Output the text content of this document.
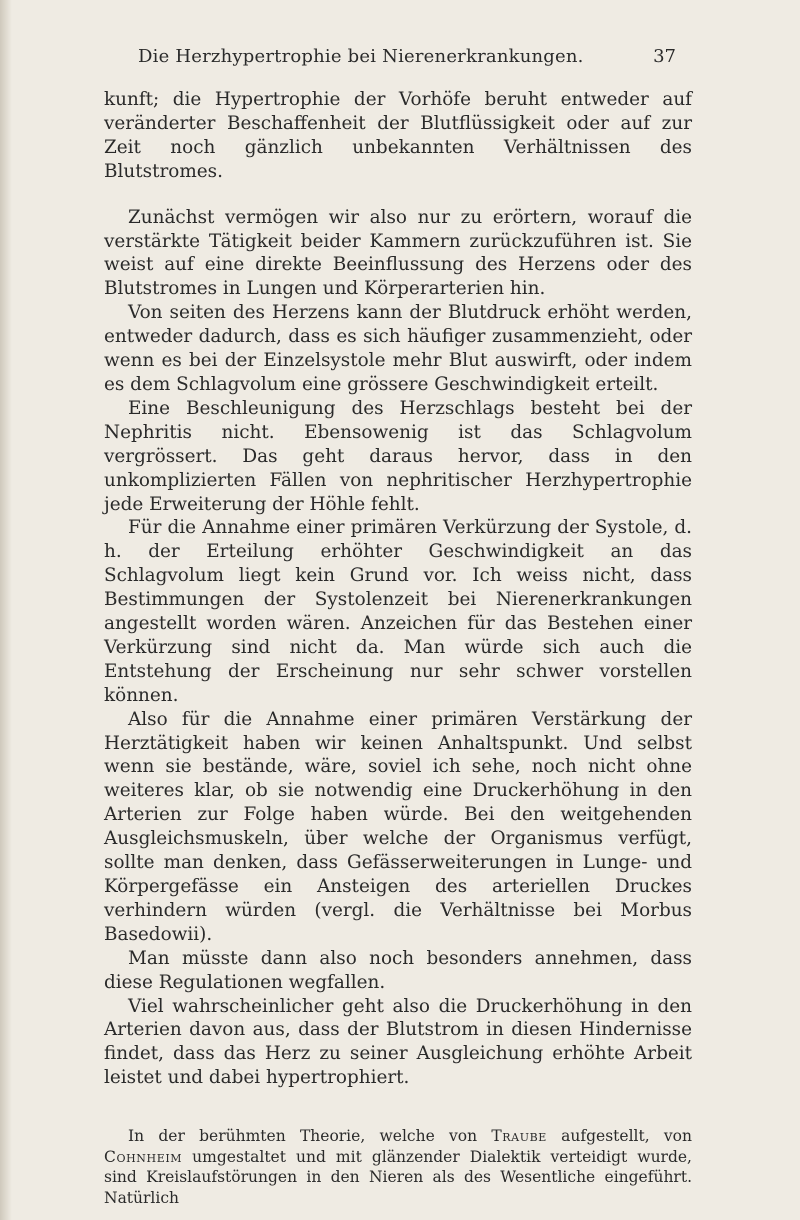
Die Herzhypertrophie bei Nierenerkrankungen.	37

kunft; die Hypertrophie der Vorhöfe beruht entweder auf veränderter Beschaffenheit der Blutflüssigkeit oder auf zur Zeit noch gänzlich unbekannten Verhältnissen des Blutstromes.

Zunächst vermögen wir also nur zu erörtern, worauf die verstärkte Tätigkeit beider Kammern zurückzuführen ist. Sie weist auf eine direkte Beeinflussung des Herzens oder des Blutstromes in Lungen und Körperarterien hin.

Von seiten des Herzens kann der Blutdruck erhöht werden, entweder dadurch, dass es sich häufiger zusammenzieht, oder wenn es bei der Einzelsystole mehr Blut auswirft, oder indem es dem Schlagvolum eine grössere Geschwindigkeit erteilt.

Eine Beschleunigung des Herzschlags besteht bei der Nephritis nicht. Ebensowenig ist das Schlagvolum vergrössert. Das geht daraus hervor, dass in den unkomplizierten Fällen von nephritischer Herzhypertrophie jede Erweiterung der Höhle fehlt.

Für die Annahme einer primären Verkürzung der Systole, d. h. der Erteilung erhöhter Geschwindigkeit an das Schlagvolum liegt kein Grund vor. Ich weiss nicht, dass Bestimmungen der Systolenzeit bei Nierenerkrankungen angestellt worden wären. Anzeichen für das Bestehen einer Verkürzung sind nicht da. Man würde sich auch die Entstehung der Erscheinung nur sehr schwer vorstellen können.

Also für die Annahme einer primären Verstärkung der Herztätigkeit haben wir keinen Anhaltspunkt. Und selbst wenn sie bestände, wäre, soviel ich sehe, noch nicht ohne weiteres klar, ob sie notwendig eine Druckerhöhung in den Arterien zur Folge haben würde. Bei den weitgehenden Ausgleichsmuskeln, über welche der Organismus verfügt, sollte man denken, dass Gefässerweiterungen in Lunge- und Körpergefässe ein Ansteigen des arteriellen Druckes verhindern würden (vergl. die Verhältnisse bei Morbus Basedowii).

Man müsste dann also noch besonders annehmen, dass diese Regulationen wegfallen.

Viel wahrscheinlicher geht also die Druckerhöhung in den Arterien davon aus, dass der Blutstrom in diesen Hindernisse findet, dass das Herz zu seiner Ausgleichung erhöhte Arbeit leistet und dabei hypertrophiert.

In der berühmten Theorie, welche von Traube aufgestellt, von Cohnheim umgestaltet und mit glänzender Dialektik verteidigt wurde, sind Kreislaufstörungen in den Nieren als des Wesentliche eingeführt. Natürlich
